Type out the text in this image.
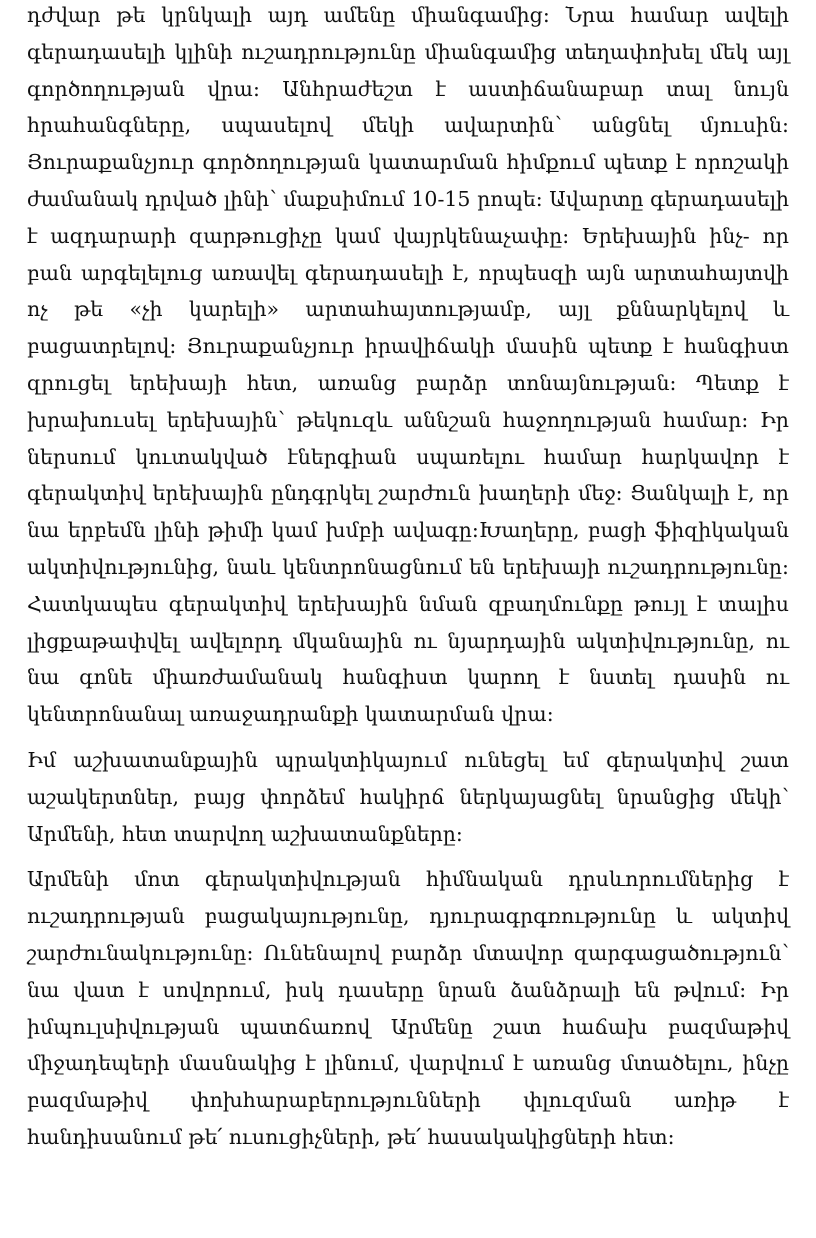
դժվար թե կրնկալի այդ ամենը միանգամից։ Նրա համար ավելի գերադասելի կլինի ուշադրությունը միանգամից տեղափոխել մեկ այլ գործողության վրա։ Անհրաժեշտ է աստիճանաբար տալ նույն հրահանգները, սպասելով մեկի ավարտին՝ անցնել մյուսին։ Յուրաքանչյուր գործողության կատարման հիմքում պետք է որոշակի ժամանակ դրված լինի՝ մաքսիմում 10-15 րոպե։ Ավարտը գերադասելի է ազդարարի զարթուցիչը կամ վայրկենաչափը։ Երեխային ինչ- որ բան արգելելուց առավել գերադասելի է, որպեսզի այն արտահայտվի ոչ թե «չի կարելի» արտահայտությամբ, այլ քննարկելով և բացատրելով։ Յուրաքանչյուր իրավիճակի մասին պետք է հանգիստ զրուցել երեխայի հետ, առանց բարձր տոնայնության։ Պետք է խրախուսել երեխային՝ թեկուզև աննշան հաջողության համար։ Իր ներսում կուտակված էներգիան սպառելու համար հարկավոր է գերակտիվ երեխային ընդգրկել շարժուն խաղերի մեջ։ Ցանկալի է, որ նա երբեմն լինի թիմի կամ խմբի ավագը։Խաղերը, բացի ֆիզիկական ակտիվությունից, նաև կենտրոնացնում են երեխայի ուշադրությունը։ Հատկապես գերակտիվ երեխային նման զբաղմունքը թույլ է տալիս լիցքաթափվել ավելորդ մկանային ու նյարդային ակտիվությունը, ու նա գոնե միառժամանակ հանգիստ կարող է նստել դասին ու կենտրոնանալ առաջադրանքի կատարման վրա։

Իմ աշխատանքային պրակտիկայում ունեցել եմ գերակտիվ շատ աշակերտներ, բայց փորձեմ հակիրճ ներկայացնել նրանցից մեկի՝ Արմենի, հետ տարվող աշխատանքները։

Արմենի մոտ գերակտիվության հիմնական դրսևորումներից է ուշադրության բացակայությունը, դյուրագրգռությունը և ակտիվ շարժունակությունը։ Ունենալով բարձր մտավոր զարգացածություն՝ նա վատ է սովորում, իսկ դասերը նրան ձանձրալի են թվում։ Իր իմպուլսիվության պատճառով Արմենը շատ հաճախ բազմաթիվ միջադեպերի մասնակից է լինում, վարվում է առանց մտածելու, ինչը բազմաթիվ փոխհարաբերությունների փլուզման առիթ է հանդիսանում թե՛ ուսուցիչների, թե՛ հասակակիցների հետ։
